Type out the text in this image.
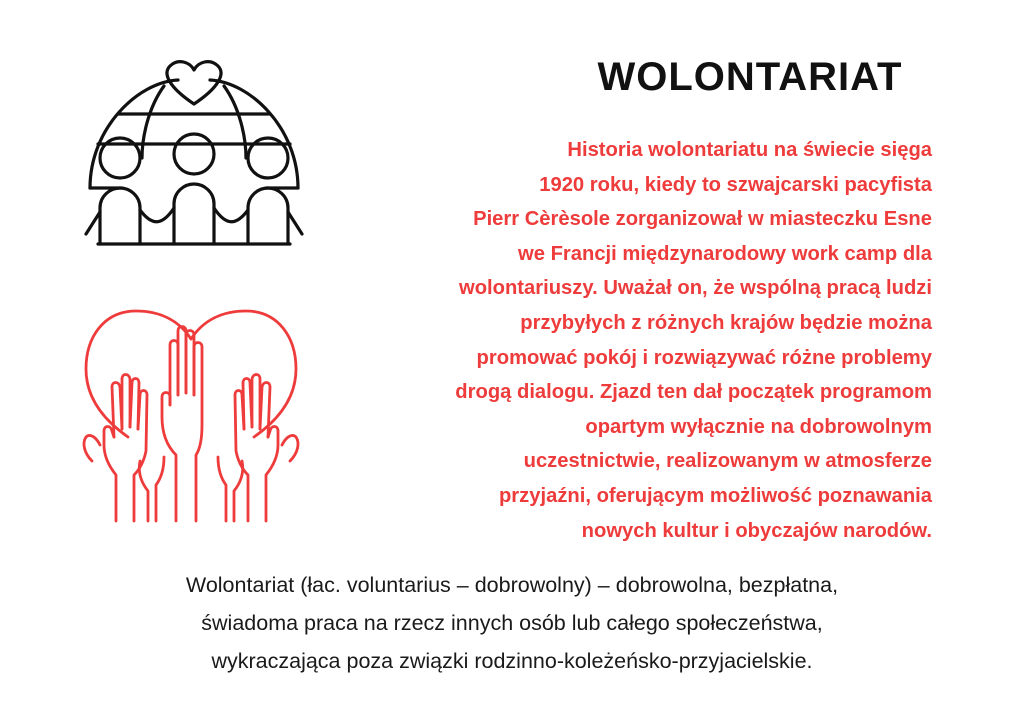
WOLONTARIAT
Historia wolontariatu na świecie sięga
1920 roku, kiedy to szwajcarski pacyfista
Pierr Cèrèsole zorganizował w miasteczku Esne
we Francji międzynarodowy work camp dla
wolontariuszy. Uważał on, że wspólną pracą ludzi
przybyłych z różnych krajów będzie można
promować pokój i rozwiązywać różne problemy
drogą dialogu. Zjazd ten dał początek programom
opartym wyłącznie na dobrowolnym
uczestnictwie, realizowanym w atmosferze
przyjaźni, oferującym możliwość poznawania
nowych kultur i obyczajów narodów.
Wolontariat (łac. voluntarius – dobrowolny) – dobrowolna, bezpłatna,
świadoma praca na rzecz innych osób lub całego społeczeństwa,
wykraczająca poza związki rodzinno-koleżeńsko-przyjacielskie.
